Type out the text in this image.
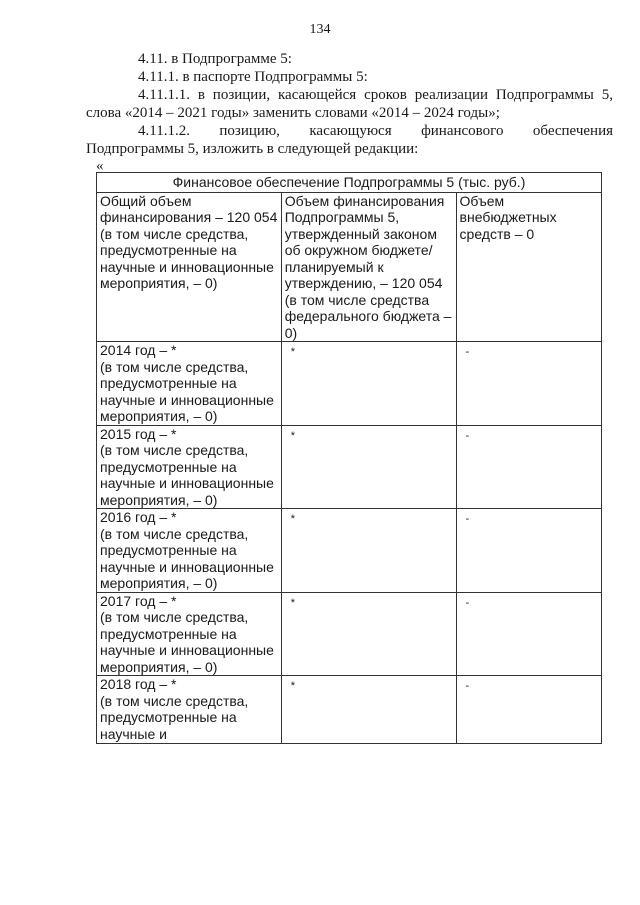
134
4.11. в Подпрограмме 5:
4.11.1. в паспорте Подпрограммы 5:
4.11.1.1. в позиции, касающейся сроков реализации Подпрограммы 5, слова «2014 – 2021 годы» заменить словами «2014 – 2024 годы»;
4.11.1.2. позицию, касающуюся финансового обеспечения
Подпрограммы 5, изложить в следующей редакции:
«
Финансовое обеспечение Подпрограммы 5 (тыс. руб.)		
Общий объем финансирования – 120 054 (в том числе средства, предусмотренные на научные и инновационные мероприятия, – 0)	Объем финансирования Подпрограммы 5, утвержденный законом об окружном бюджете/ планируемый к утверждению, – 120 054 (в том числе средства федерального бюджета – 0)	Объем внебюджетных средств – 0

2014 год – *
(в том числе средства, предусмотренные на научные и инновационные мероприятия, – 0)	*	-

2015 год – *
(в том числе средства, предусмотренные на научные и инновационные мероприятия, – 0)	*	-

2016 год – *
(в том числе средства, предусмотренные на научные и инновационные мероприятия, – 0)	*	-

2017 год – *
(в том числе средства, предусмотренные на научные и инновационные мероприятия, – 0)	*	-

2018 год – *
(в том числе средства, предусмотренные на научные и	*	-
